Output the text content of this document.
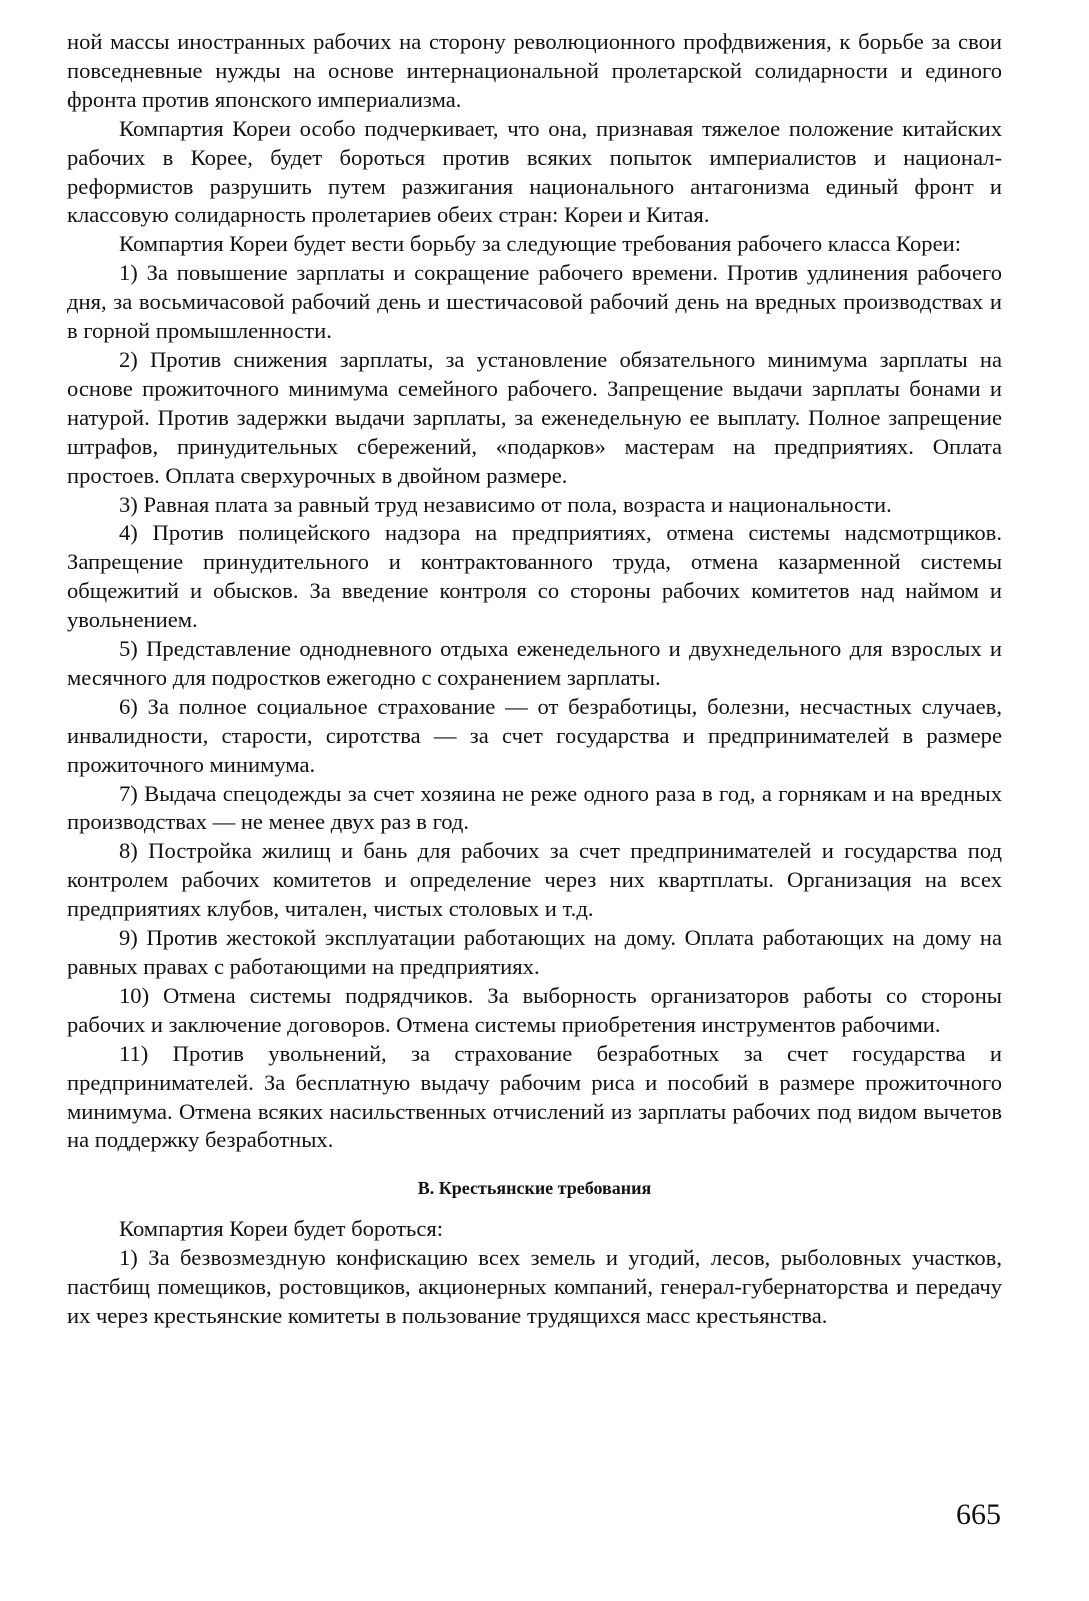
ной массы иностранных рабочих на сторону революционного профдвижения, к борьбе за свои повседневные нужды на основе интернациональной пролетарской солидарности и единого фронта против японского империализма.

Компартия Кореи особо подчеркивает, что она, признавая тяжелое положение китайских рабочих в Корее, будет бороться против всяких попыток империалистов и национал-реформистов разрушить путем разжигания национального антагонизма единый фронт и классовую солидарность пролетариев обеих стран: Кореи и Китая.

Компартия Кореи будет вести борьбу за следующие требования рабочего класса Кореи:

1) За повышение зарплаты и сокращение рабочего времени. Против удлинения рабочего дня, за восьмичасовой рабочий день и шестичасовой рабочий день на вредных производствах и в горной промышленности.

2) Против снижения зарплаты, за установление обязательного минимума зарплаты на основе прожиточного минимума семейного рабочего. Запрещение выдачи зарплаты бонами и натурой. Против задержки выдачи зарплаты, за еженедельную ее выплату. Полное запрещение штрафов, принудительных сбережений, «подарков» мастерам на предприятиях. Оплата простоев. Оплата сверхурочных в двойном размере.

3) Равная плата за равный труд независимо от пола, возраста и национальности.

4) Против полицейского надзора на предприятиях, отмена системы надсмотрщиков. Запрещение принудительного и контрактованного труда, отмена казарменной системы общежитий и обысков. За введение контроля со стороны рабочих комитетов над наймом и увольнением.

5) Представление однодневного отдыха еженедельного и двухнедельного для взрослых и месячного для подростков ежегодно с сохранением зарплаты.

6) За полное социальное страхование — от безработицы, болезни, несчастных случаев, инвалидности, старости, сиротства — за счет государства и предпринимателей в размере прожиточного минимума.

7) Выдача спецодежды за счет хозяина не реже одного раза в год, а горнякам и на вредных производствах — не менее двух раз в год.

8) Постройка жилищ и бань для рабочих за счет предпринимателей и государства под контролем рабочих комитетов и определение через них квартплаты. Организация на всех предприятиях клубов, читален, чистых столовых и т.д.

9) Против жестокой эксплуатации работающих на дому. Оплата работающих на дому на равных правах с работающими на предприятиях.

10) Отмена системы подрядчиков. За выборность организаторов работы со стороны рабочих и заключение договоров. Отмена системы приобретения инструментов рабочими.

11) Против увольнений, за страхование безработных за счет государства и предпринимателей. За бесплатную выдачу рабочим риса и пособий в размере прожиточного минимума. Отмена всяких насильственных отчислений из зарплаты рабочих под видом вычетов на поддержку безработных.

В. Крестьянские требования

Компартия Кореи будет бороться:

1) За безвозмездную конфискацию всех земель и угодий, лесов, рыболовных участков, пастбищ помещиков, ростовщиков, акционерных компаний, генерал-губернаторства и передачу их через крестьянские комитеты в пользование трудящихся масс крестьянства.

665
